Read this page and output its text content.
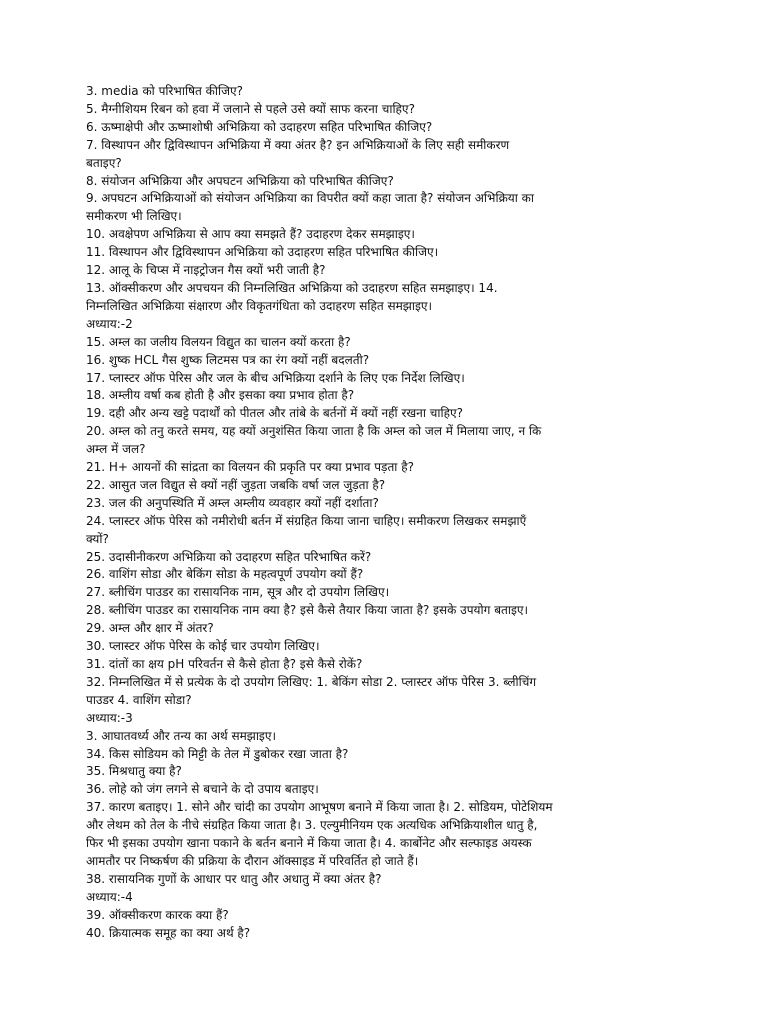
3. media को परिभाषित कीजिए?
5. मैग्नीशियम रिबन को हवा में जलाने से पहले उसे क्यों साफ करना चाहिए?
6. ऊष्माक्षेपी और ऊष्माशोषी अभिक्रिया को उदाहरण सहित परिभाषित कीजिए?
7. विस्थापन और द्विविस्थापन अभिक्रिया में क्या अंतर है? इन अभिक्रियाओं के लिए सही समीकरण
बताइए?
8. संयोजन अभिक्रिया और अपघटन अभिक्रिया को परिभाषित कीजिए?
9. अपघटन अभिक्रियाओं को संयोजन अभिक्रिया का विपरीत क्यों कहा जाता है? संयोजन अभिक्रिया का
समीकरण भी लिखिए।
10. अवक्षेपण अभिक्रिया से आप क्या समझते हैं? उदाहरण देकर समझाइए।
11. विस्थापन और द्विविस्थापन अभिक्रिया को उदाहरण सहित परिभाषित कीजिए।
12. आलू के चिप्स में नाइट्रोजन गैस क्यों भरी जाती है?
13. ऑक्सीकरण और अपचयन की निम्नलिखित अभिक्रिया को उदाहरण सहित समझाइए। 14.
निम्नलिखित अभिक्रिया संक्षारण और विकृतगंधिता को उदाहरण सहित समझाइए।
अध्याय:-2
15. अम्ल का जलीय विलयन विद्युत का चालन क्यों करता है?
16. शुष्क HCL गैस शुष्क लिटमस पत्र का रंग क्यों नहीं बदलती?
17. प्लास्टर ऑफ पेरिस और जल के बीच अभिक्रिया दर्शाने के लिए एक निर्देश लिखिए।
18. अम्लीय वर्षा कब होती है और इसका क्या प्रभाव होता है?
19. दही और अन्य खट्टे पदार्थों को पीतल और तांबे के बर्तनों में क्यों नहीं रखना चाहिए?
20. अम्ल को तनु करते समय, यह क्यों अनुशंसित किया जाता है कि अम्ल को जल में मिलाया जाए, न कि
अम्ल में जल?
21. H+ आयनों की सांद्रता का विलयन की प्रकृति पर क्या प्रभाव पड़ता है?
22. आसुत जल विद्युत से क्यों नहीं जुड़ता जबकि वर्षा जल जुड़ता है?
23. जल की अनुपस्थिति में अम्ल अम्लीय व्यवहार क्यों नहीं दर्शाता?
24. प्लास्टर ऑफ पेरिस को नमीरोधी बर्तन में संग्रहित किया जाना चाहिए। समीकरण लिखकर समझाएँ
क्यों?
25. उदासीनीकरण अभिक्रिया को उदाहरण सहित परिभाषित करें?
26. वाशिंग सोडा और बेकिंग सोडा के महत्वपूर्ण उपयोग क्यों हैं?
27. ब्लीचिंग पाउडर का रासायनिक नाम, सूत्र और दो उपयोग लिखिए।
28. ब्लीचिंग पाउडर का रासायनिक नाम क्या है? इसे कैसे तैयार किया जाता है? इसके उपयोग बताइए।
29. अम्ल और क्षार में अंतर?
30. प्लास्टर ऑफ पेरिस के कोई चार उपयोग लिखिए।
31. दांतों का क्षय pH परिवर्तन से कैसे होता है? इसे कैसे रोकें?
32. निम्नलिखित में से प्रत्येक के दो उपयोग लिखिए: 1. बेकिंग सोडा 2. प्लास्टर ऑफ पेरिस 3. ब्लीचिंग
पाउडर 4. वाशिंग सोडा?
अध्याय:-3
3. आघातवर्ध्य और तन्य का अर्थ समझाइए।
34. किस सोडियम को मिट्टी के तेल में डुबोकर रखा जाता है?
35. मिश्रधातु क्या है?
36. लोहे को जंग लगने से बचाने के दो उपाय बताइए।
37. कारण बताइए। 1. सोने और चांदी का उपयोग आभूषण बनाने में किया जाता है। 2. सोडियम, पोटेशियम
और लेथम को तेल के नीचे संग्रहित किया जाता है। 3. एल्युमीनियम एक अत्यधिक अभिक्रियाशील धातु है,
फिर भी इसका उपयोग खाना पकाने के बर्तन बनाने में किया जाता है। 4. कार्बोनेट और सल्फाइड अयस्क
आमतौर पर निष्कर्षण की प्रक्रिया के दौरान ऑक्साइड में परिवर्तित हो जाते हैं।
38. रासायनिक गुणों के आधार पर धातु और अधातु में क्या अंतर है?
अध्याय:-4
39. ऑक्सीकरण कारक क्या हैं?
40. क्रियात्मक समूह का क्या अर्थ है?
